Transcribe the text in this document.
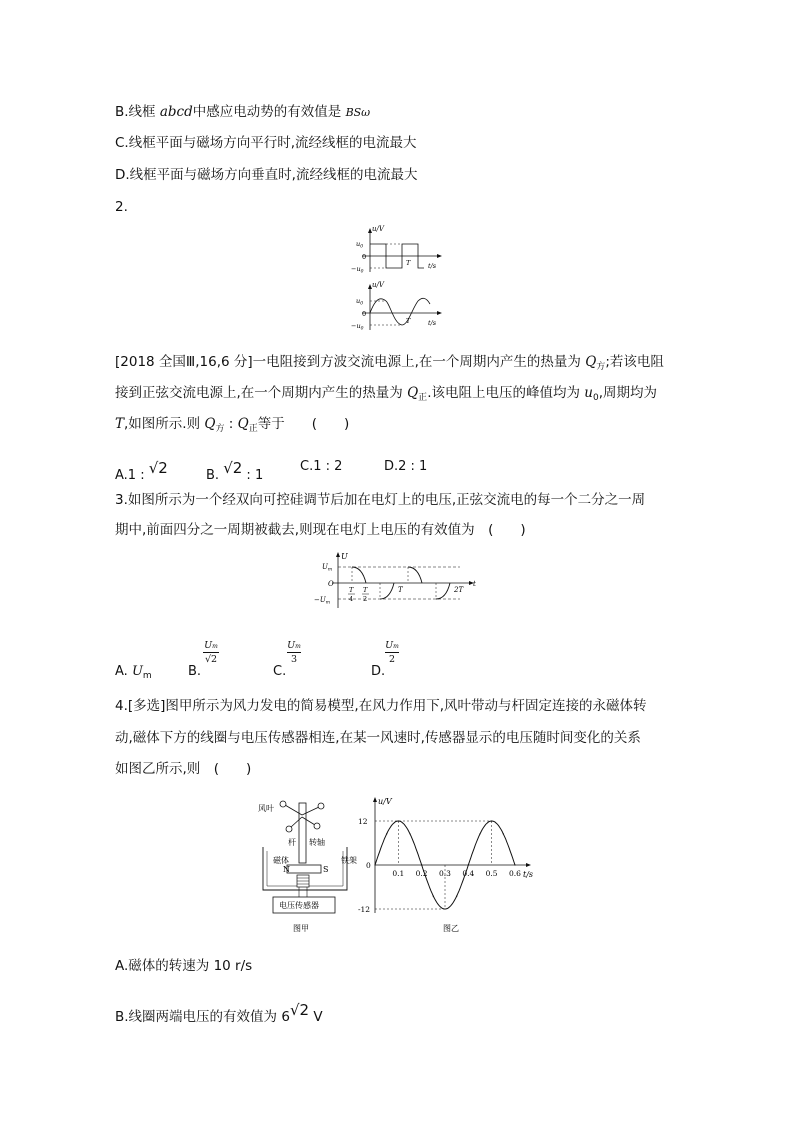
B.线框 abcd中感应电动势的有效值是 BSω
C.线框平面与磁场方向平行时,流经线框的电流最大
D.线框平面与磁场方向垂直时,流经线框的电流最大
2.
u/V
$u_0$
0
$-u_0$
T	t/s
u/V
$u_0$
0
$-u_0$
T	t/s
[2018 全国Ⅲ,16,6 分]一电阻接到方波交流电源上,在一个周期内产生的热量为 $Q_方$;若该电阻
接到正弦交流电源上,在一个周期内产生的热量为 $Q_正$.该电阻上电压的峰值均为 $u_0$,周期均为
T,如图所示.则 $Q_方$ : $Q_正$等于　　(　　)
A.1 : √2	B. √2 : 1
C.1 : 2	D.2 : 1
3.如图所示为一个经双向可控硅调节后加在电灯上的电压,正弦交流电的每一个二分之一周
期中,前面四分之一周期被截去,则现在电灯上电压的有效值为　(　　)
U
$U_m$
O
$-U_m$
T
4
T
2
T	2T
t
A. $U_m$	B.
Um
√2
C.
Um
3
D.
Um
2
4.[多选]图甲所示为风力发电的简易模型,在风力作用下,风叶带动与杆固定连接的永磁体转
动,磁体下方的线圈与电压传感器相连,在某一风速时,传感器显示的电压随时间变化的关系
如图乙所示,则　(　　)
风叶
杆 转轴
磁体	铁架
N	S
电压传感器
图甲
u/V
t/s
0.1 0.2 0.3 0.4 0.5 0.6
12
0
-12
图乙
A.磁体的转速为 10 r/s
B.线圈两端电压的有效值为 6√2 V
